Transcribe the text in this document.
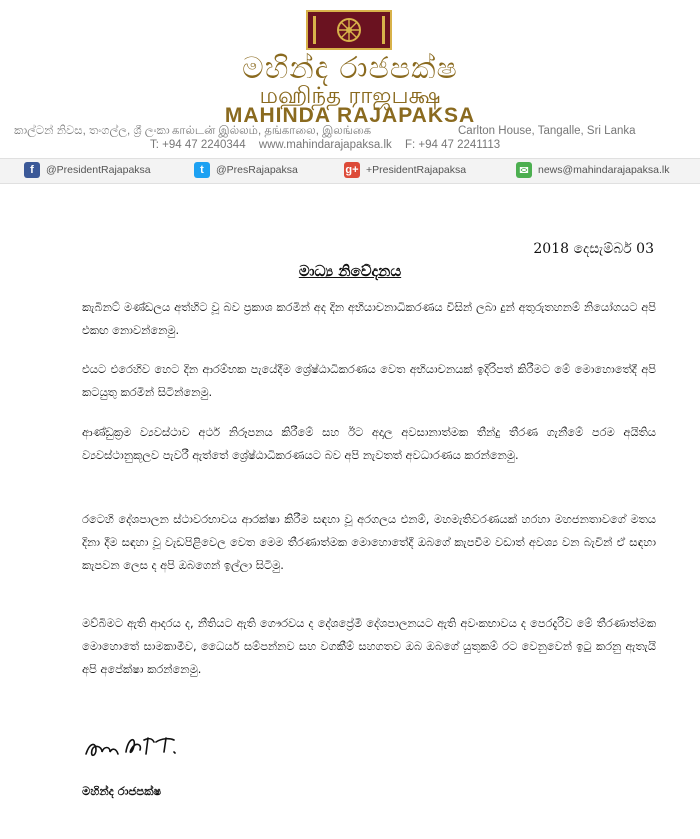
මහින්ද රාජපක්ෂ
மஹிந்த ராஜபக்ஷ
MAHINDA RAJAPAKSA
කාල්ටන් නිවස, තංගල්ල, ශ්‍රී ලංකා கால்டன் இல்லம், தங்காலை, இலங்கை	Carlton House, Tangalle, Sri Lanka
T: +94 47 2240344 www.mahindarajapaksa.lk F: +94 47 2241113
f	@PresidentRajapaksa	t	@PresRajapaksa	g+ +PresidentRajapaksa	✉ news@mahindarajapaksa.lk
2018 දෙසැම්බර් 03
මාධ්‍ය නිවේදනය

කැබිනට් මණ්ඩලය අත්හිට වූ බව ප්‍රකාශ කරමින් අද දින අභියාචනාධිකරණය විසින් ලබා දුන් අතුරුතහනම් නියෝගයට අපි එකඟ නොවන්නෙමු.

එයට එරෙහිව හෙට දින ආරම්භක පැයේදීම ශ්‍රේෂ්ඨාධිකරණය වෙත අභියාචනයක් ඉදිරිපත් කිරීමට මේ මොහොතේදී අපි කටයුතු කරමින් සිටින්නෙමු.

ආණ්ඩුක්‍රම ව්‍යවස්ථාව අර්ථ නිරූපනය කිරීමේ සහ ඊට අදාල අවසානාත්මක තීන්දු තීරණ ගැනීමේ පරම අයිතිය ව්‍යවස්ථානුකූලව පැවරී ඇත්තේ ශ්‍රේෂ්ඨාධිකරණයට බව අපි නැවතත් අවධාරණය කරන්නෙමු.

රටෙහි දේශපාලන ස්ථාවරභාවය ආරක්ෂා කිරීම සඳහා වූ අරගලය එනම්, මහමැතිවරණයක් හරහා මහජනතාවගේ මතය දිනා දීම සඳහා වූ වැඩපිළිවෙල වෙත මෙම තීරණාත්මක මොහොතේදී ඔබගේ කැපවීම වඩාත් අවශ්‍ය වන බැවින් ඒ සඳහා කැපවන ලෙස ද අපි ඔබගෙන් ඉල්ලා සිටිමු.

මව්බිමට ඇති ආදරය ද, නීතියට ඇති ගෞරවය ද දේශප්‍රේමී දේශපාලනයට ඇති අවංකභාවය ද පෙරදැරිව මේ තීරණාත්මක මොහොතේ සාමකාමීව, ධෛර්ය සම්පන්නව සහ වගකීම් සහගතව ඔබ ඔබගේ යුතුකම් රට වෙනුවෙන් ඉටු කරනු ඇතැයි අපි අපේක්ෂා කරන්නෙමු.

මහින්ද රාජපක්ෂ
